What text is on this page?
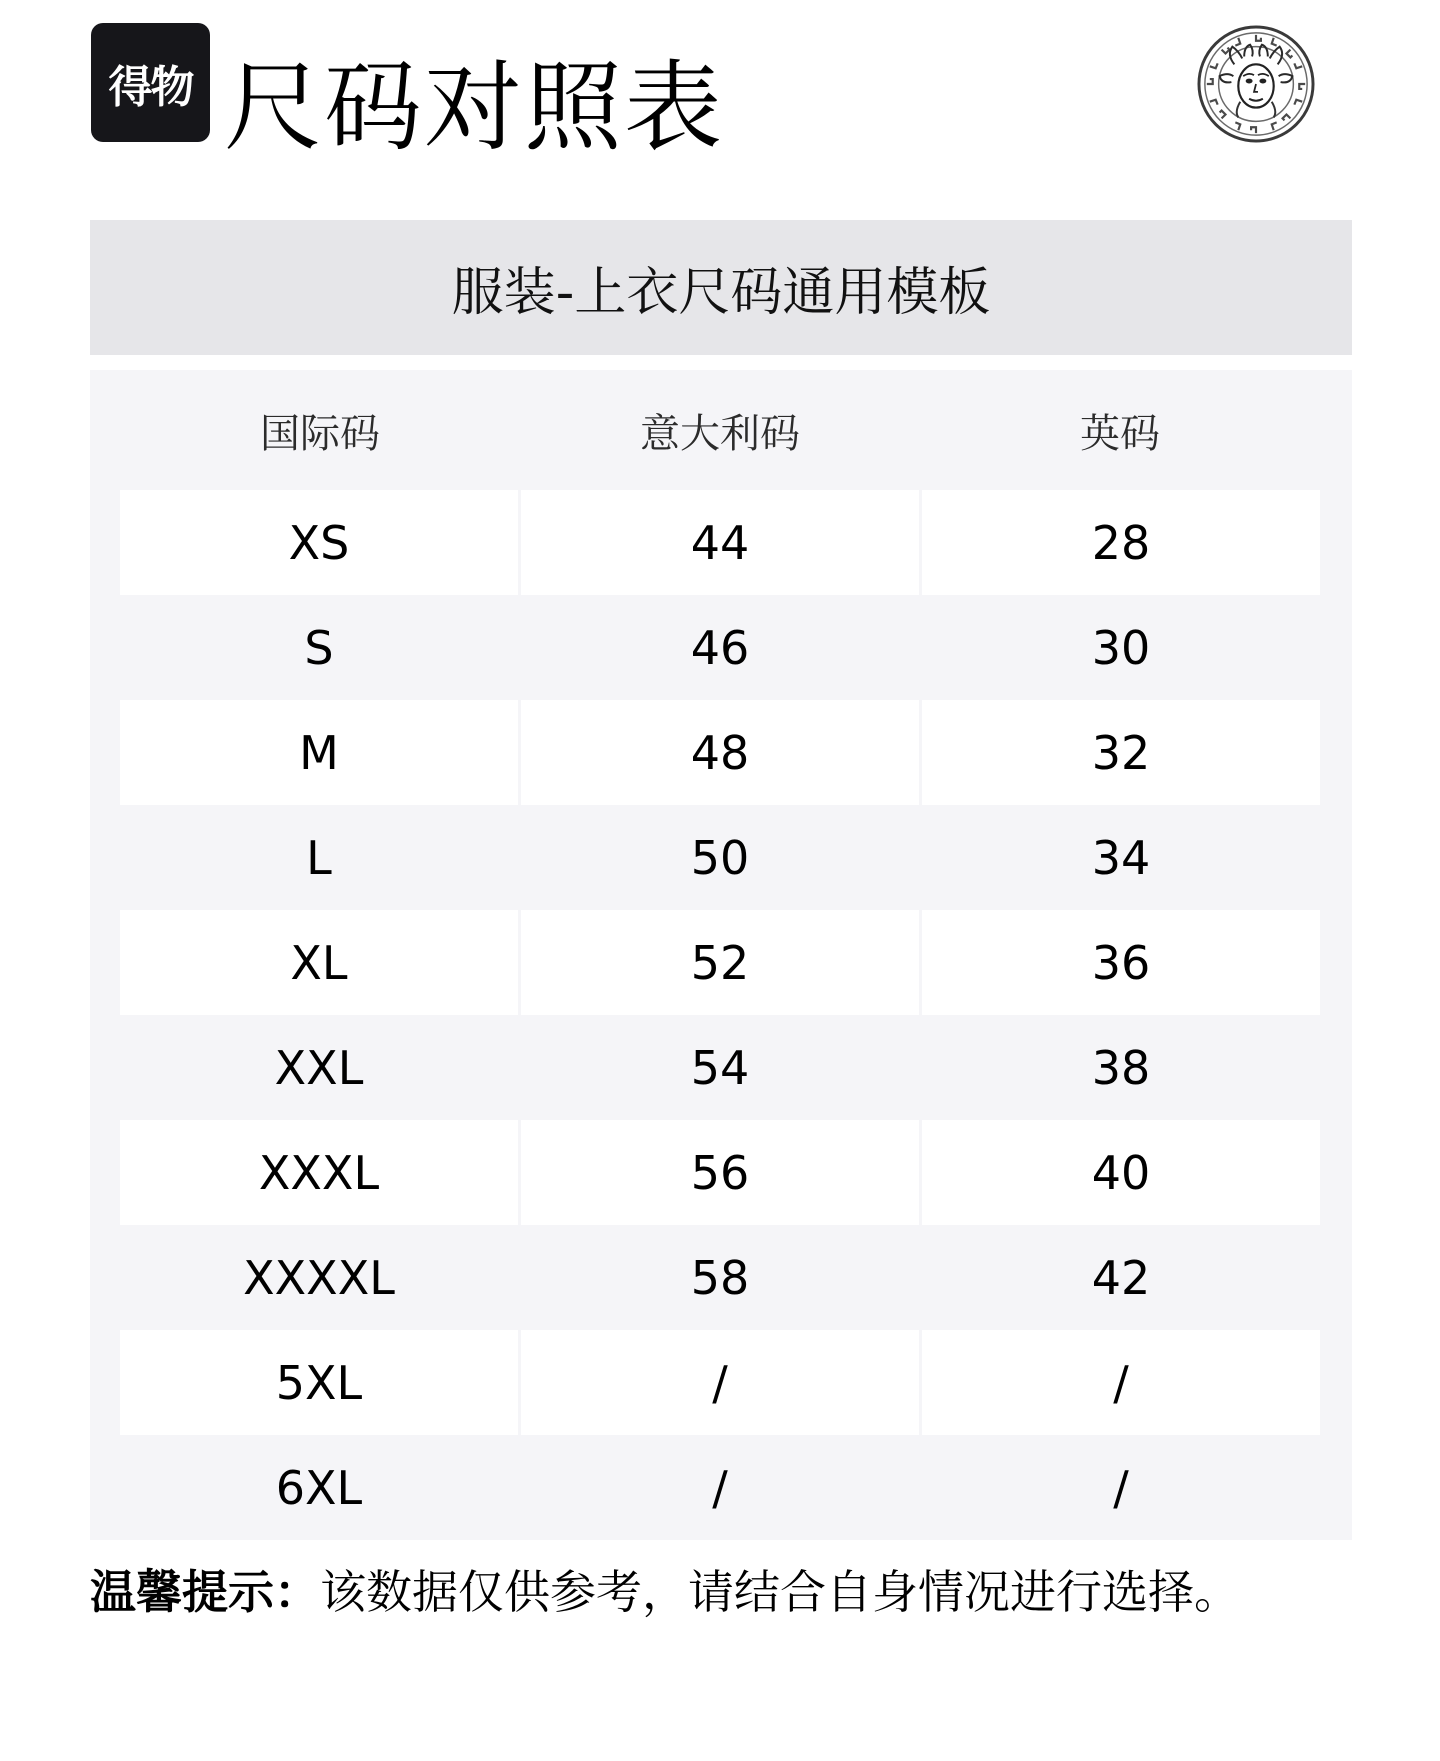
得物 尺码对照表
服装-上衣尺码通用模板
国际码	意大利码	英码
XS	44	28
S	46	30
M	48	32
L	50	34
XL	52	36
XXL	54	38
XXXL	56	40
XXXXL	58	42
5XL	/	/
6XL	/	/
温馨提示：该数据仅供参考，请结合自身情况进行选择。
